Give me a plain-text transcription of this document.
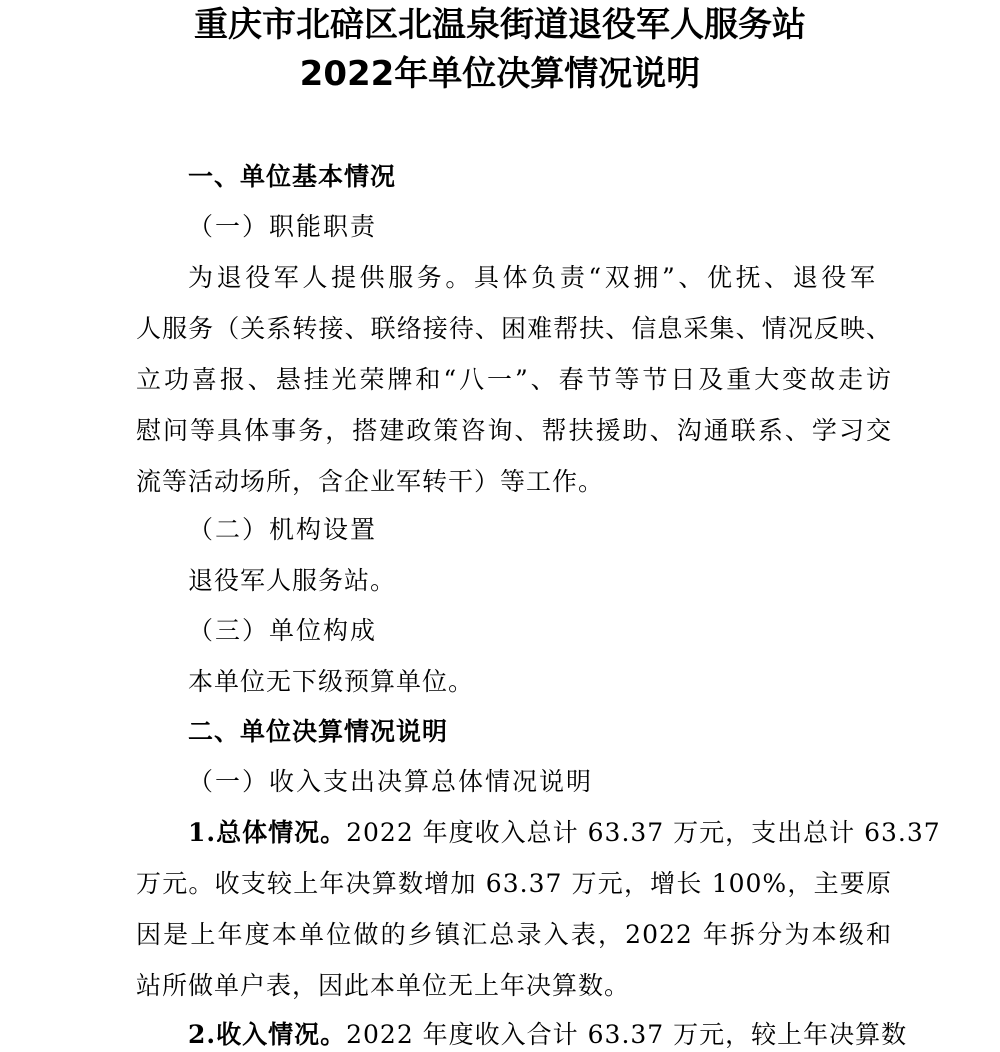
重庆市北碚区北温泉街道退役军人服务站
2022年单位决算情况说明
一、单位基本情况
（一）职能职责
为退役军人提供服务。具体负责“双拥”、优抚、退役军
人服务（关系转接、联络接待、困难帮扶、信息采集、情况反映、
立功喜报、悬挂光荣牌和“八一”、春节等节日及重大变故走访
慰问等具体事务，搭建政策咨询、帮扶援助、沟通联系、学习交
流等活动场所，含企业军转干）等工作。
（二）机构设置
退役军人服务站。
（三）单位构成
本单位无下级预算单位。
二、单位决算情况说明
（一）收入支出决算总体情况说明
1.总体情况。2022 年度收入总计 63.37 万元，支出总计 63.37
万元。收支较上年决算数增加 63.37 万元，增长 100%，主要原
因是上年度本单位做的乡镇汇总录入表，2022 年拆分为本级和
站所做单户表，因此本单位无上年决算数。
2.收入情况。2022 年度收入合计 63.37 万元，较上年决算数
